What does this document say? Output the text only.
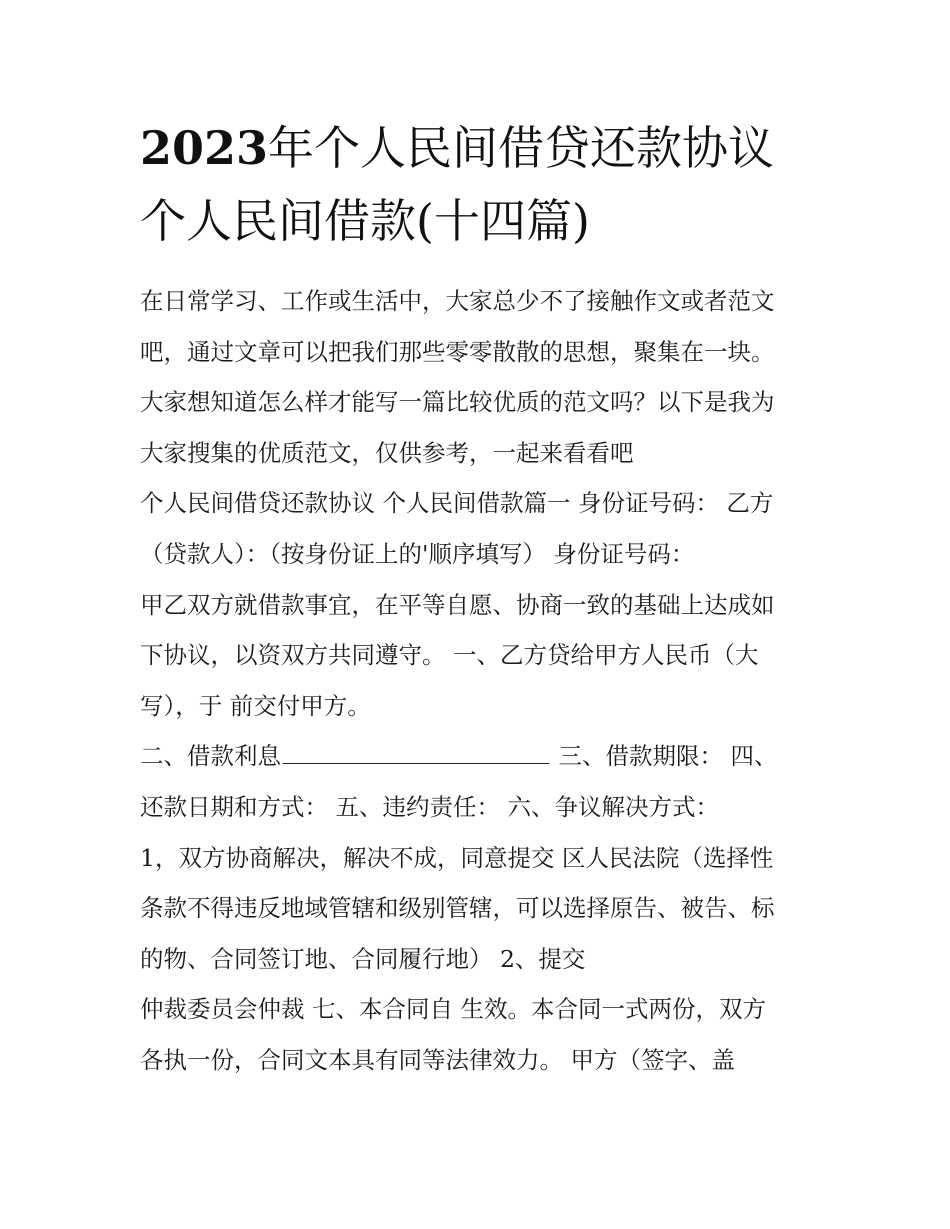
2023年个人民间借贷还款协议
个人民间借款(十四篇)

在日常学习、工作或生活中，大家总少不了接触作文或者范文
吧，通过文章可以把我们那些零零散散的思想，聚集在一块。
大家想知道怎么样才能写一篇比较优质的范文吗？以下是我为
大家搜集的优质范文，仅供参考，一起来看看吧

个人民间借贷还款协议 个人民间借款篇一 身份证号码： 乙方
（贷款人）：（按身份证上的'顺序填写） 身份证号码：

甲乙双方就借款事宜，在平等自愿、协商一致的基础上达成如
下协议，以资双方共同遵守。 一、乙方贷给甲方人民币（大
写），于 前交付甲方。

二、借款利息	三、借款期限： 四、
还款日期和方式： 五、违约责任： 六、争议解决方式：

1，双方协商解决，解决不成，同意提交 区人民法院（选择性
条款不得违反地域管辖和级别管辖，可以选择原告、被告、标
的物、合同签订地、合同履行地） 2、提交

仲裁委员会仲裁 七、本合同自 生效。本合同一式两份，双方
各执一份，合同文本具有同等法律效力。 甲方（签字、盖
